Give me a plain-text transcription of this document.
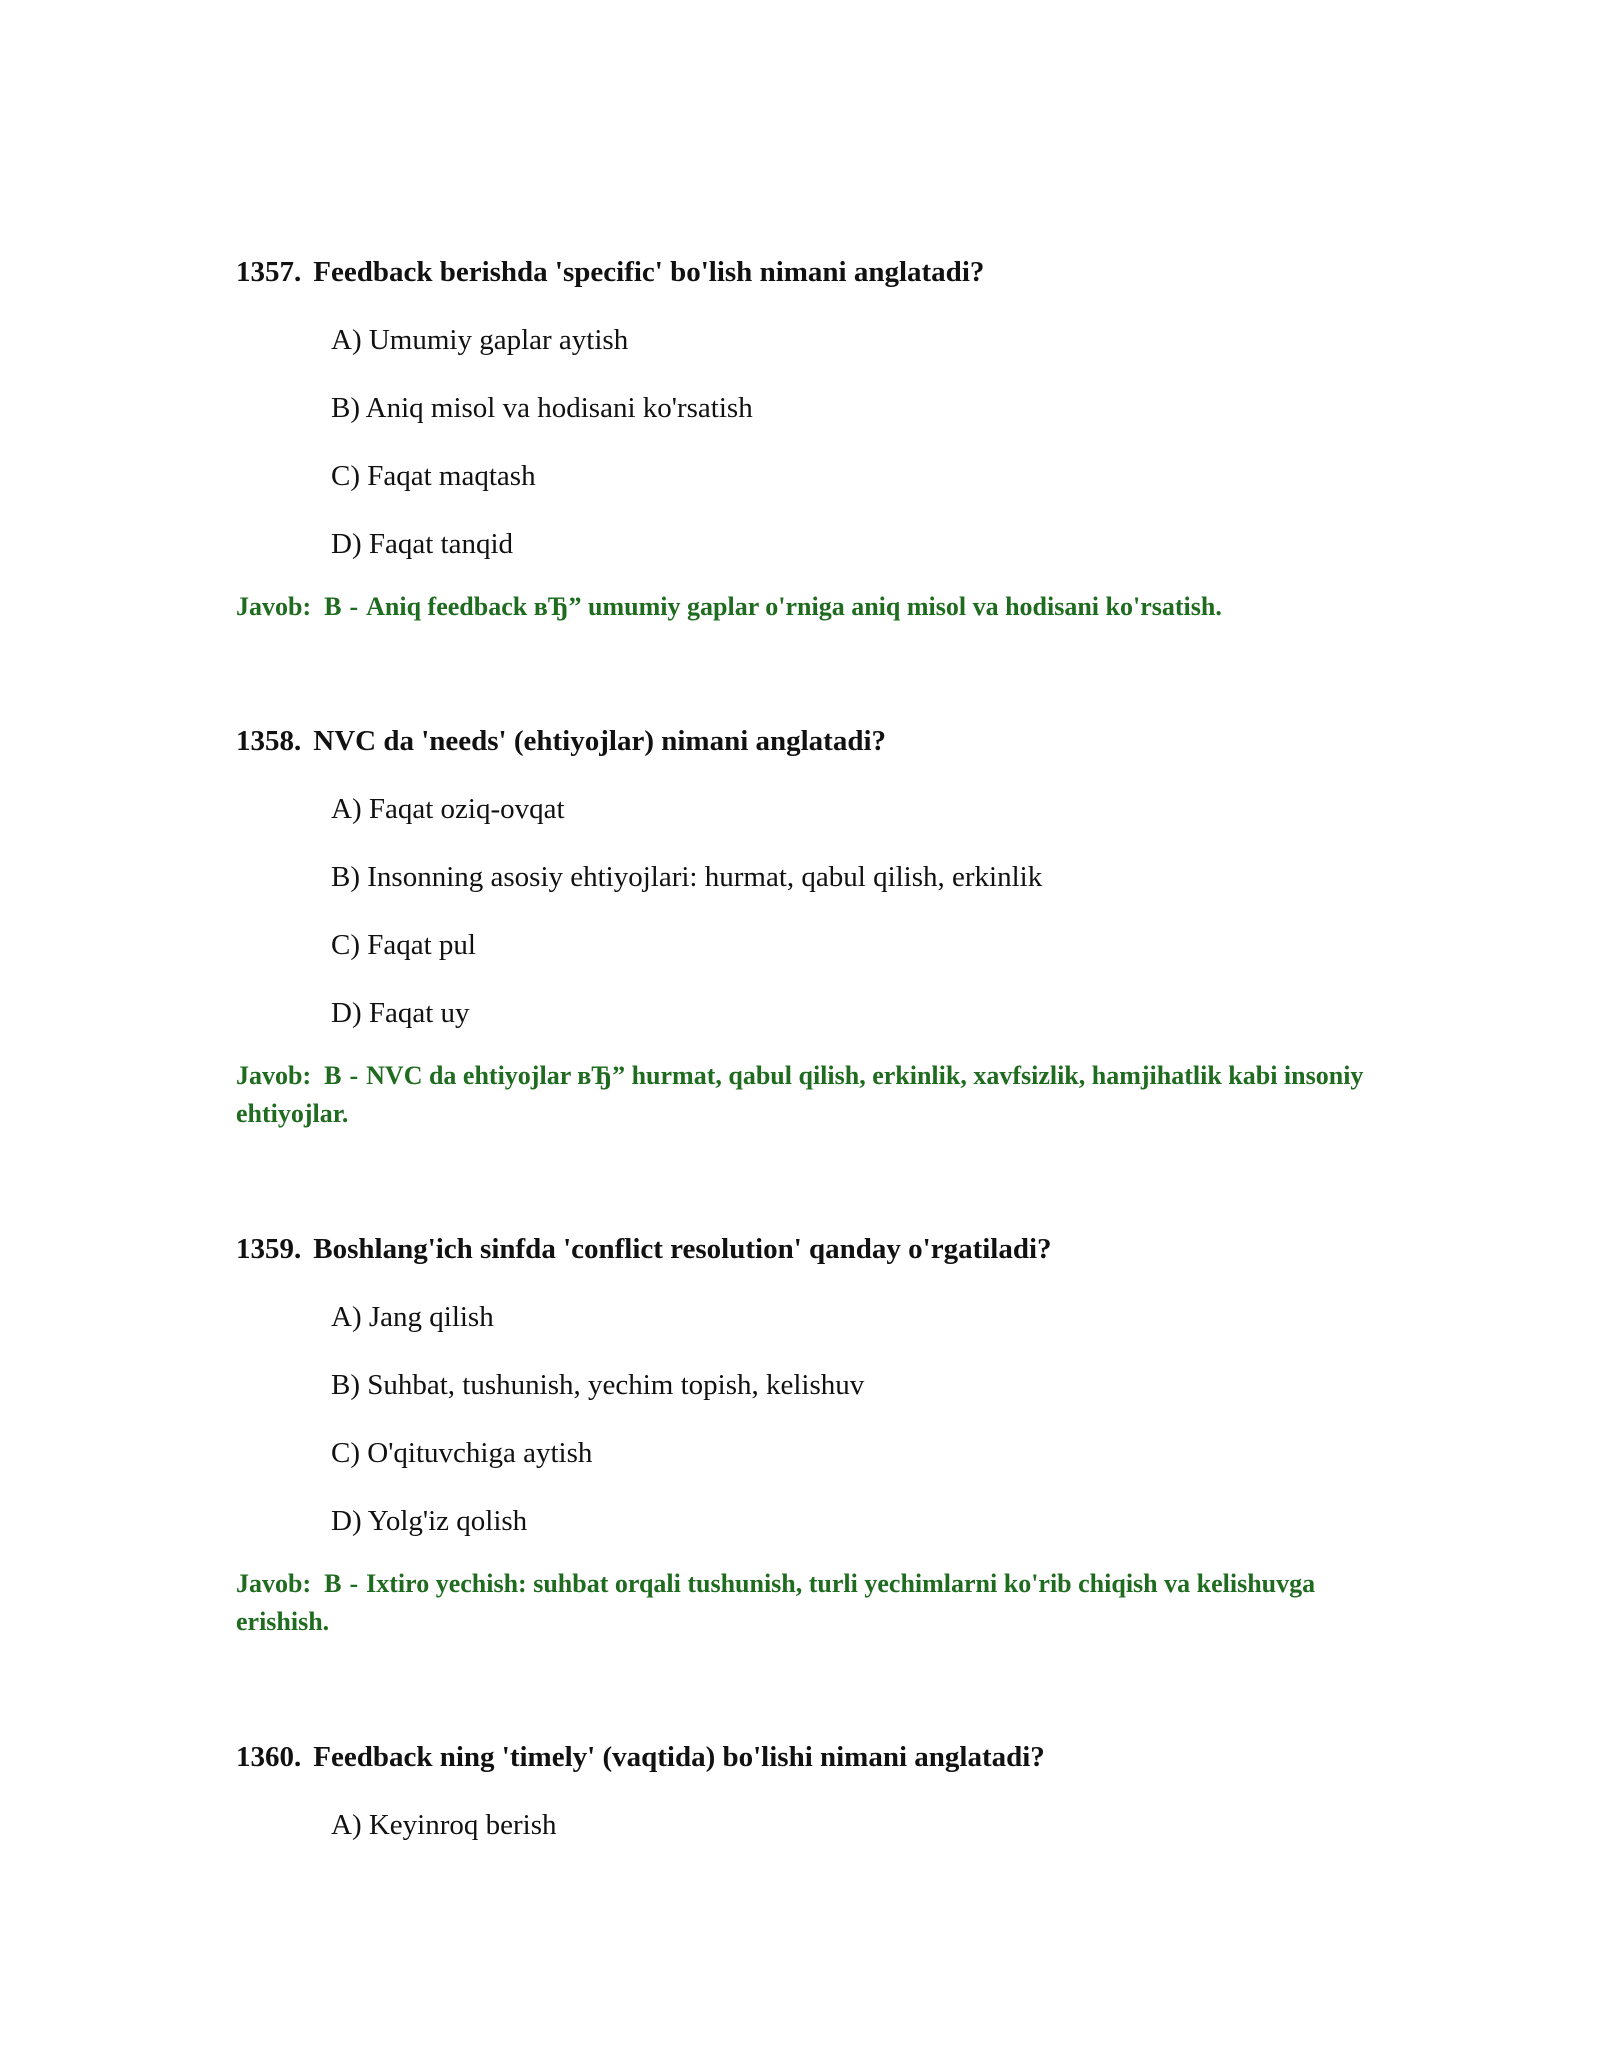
1357. Feedback berishda 'specific' bo'lish nimani anglatadi?

A) Umumiy gaplar aytish
B) Aniq misol va hodisani ko'rsatish
C) Faqat maqtash
D) Faqat tanqid
Javob: B - Aniq feedback вЂ” umumiy gaplar o'rniga aniq misol va hodisani ko'rsatish.

1358. NVC da 'needs' (ehtiyojlar) nimani anglatadi?

A) Faqat oziq-ovqat
B) Insonning asosiy ehtiyojlari: hurmat, qabul qilish, erkinlik
C) Faqat pul
D) Faqat uy
Javob: B - NVC da ehtiyojlar вЂ” hurmat, qabul qilish, erkinlik, xavfsizlik, hamjihatlik kabi insoniy ehtiyojlar.

1359. Boshlang'ich sinfda 'conflict resolution' qanday o'rgatiladi?

A) Jang qilish
B) Suhbat, tushunish, yechim topish, kelishuv
C) O'qituvchiga aytish
D) Yolg'iz qolish
Javob: B - Ixtiro yechish: suhbat orqali tushunish, turli yechimlarni ko'rib chiqish va kelishuvga erishish.

1360. Feedback ning 'timely' (vaqtida) bo'lishi nimani anglatadi?

A) Keyinroq berish
